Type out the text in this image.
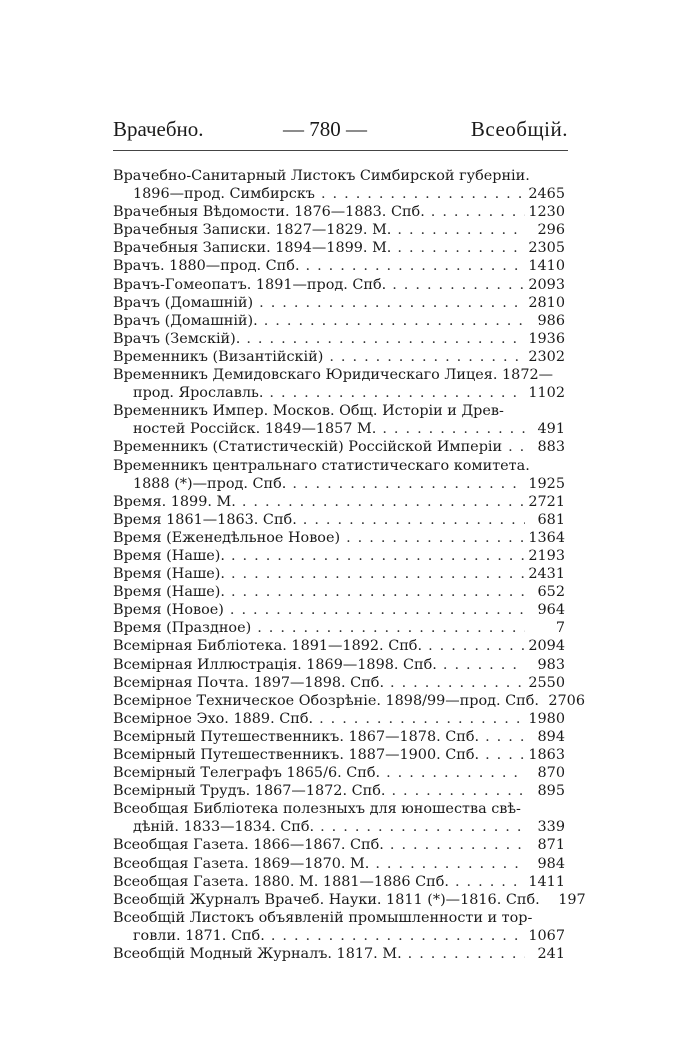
Врачебно.	— 780 —	Всеобщій.
Врачебно-Санитарный Листокъ Симбирской губерніи.
1896—прод. Симбирскъ .....	2465
Врачебныя Вѣдомости. 1876—1883. Спб. .....	1230
Врачебныя Записки. 1827—1829. М. .....	296
Врачебныя Записки. 1894—1899. М. .....	2305
Врачъ. 1880—прод. Спб. .....	1410
Врачъ-Гомеопатъ. 1891—прод. Спб. .....	2093
Врачъ (Домашній) .....	2810
Врачъ (Домашній). .....	986
Врачъ (Земскій). .....	1936
Временникъ (Византійскій) .....	2302
Временникъ Демидовскаго Юридическаго Лицея. 1872—
прод. Ярославль. .....	1102
Временникъ Импер. Москов. Общ. Исторіи и Древ-
ностей Россійск. 1849—1857 М. .....	491
Временникъ (Статистическій) Россійской Имперіи .....	883
Временникъ центральнаго статистическаго комитета.
1888 (*)—прод. Спб. .....	1925
Время. 1899. М. .....	2721
Время 1861—1863. Спб. .....	681
Время (Еженедѣльное Новое) .....	1364
Время (Наше). .....	2193
Время (Наше). .....	2431
Время (Наше). .....	652
Время (Новое) .....	964
Время (Праздное) .....	7
Всемірная Библіотека. 1891—1892. Спб. .....	2094
Всемірная Иллюстрація. 1869—1898. Спб. .....	983
Всемірная Почта. 1897—1898. Спб. .....	2550
Всемірное Техническое Обозрѣніе. 1898/99—прод. Спб. ..... 2706
Всемірное Эхо. 1889. Спб. .....	1980
Всемірный Путешественникъ. 1867—1878. Спб. .....	894
Всемірный Путешественникъ. 1887—1900. Спб. .....	1863
Всемірный Телеграфъ 1865/6. Спб. .....	870
Всемірный Трудъ. 1867—1872. Спб. .....	895
Всеобщая Библіотека полезныхъ для юношества свѣ-
дѣній. 1833—1834. Спб. .....	339
Всеобщая Газета. 1866—1867. Спб. .....	871
Всеобщая Газета. 1869—1870. М. .....	984
Всеобщая Газета. 1880. М. 1881—1886 Спб. .....	1411
Всеобщій Журналъ Врачеб. Науки. 1811 (*)—1816. Спб. .....	197
Всеобщій Листокъ объявленій промышленности и тор-
говли. 1871. Спб. .....	1067
Всеобщій Модный Журналъ. 1817. М. .....	241
